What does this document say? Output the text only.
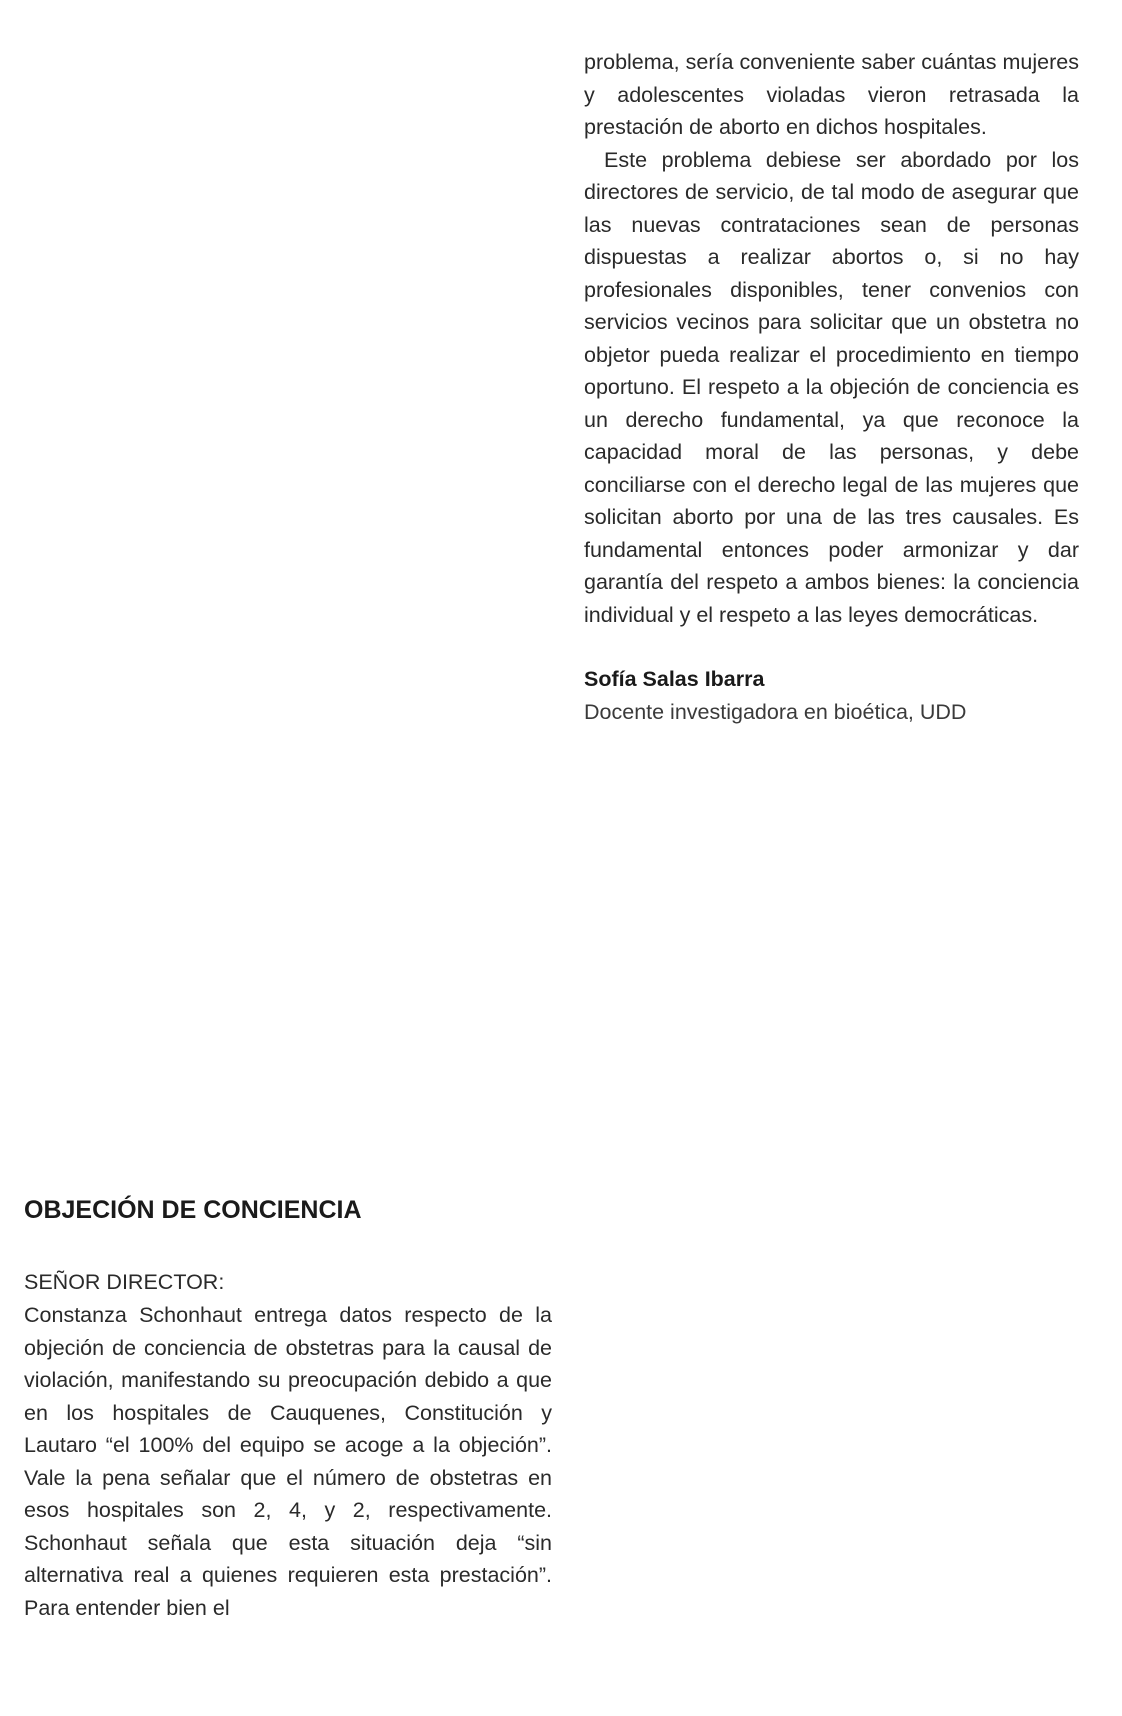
problema, sería conveniente saber cuántas mujeres y adolescentes violadas vieron retrasada la prestación de aborto en dichos hospitales.

Este problema debiese ser abordado por los directores de servicio, de tal modo de asegurar que las nuevas contrataciones sean de personas dispuestas a realizar abortos o, si no hay profesionales disponibles, tener convenios con servicios vecinos para solicitar que un obstetra no objetor pueda realizar el procedimiento en tiempo oportuno. El respeto a la objeción de conciencia es un derecho fundamental, ya que reconoce la capacidad moral de las personas, y debe conciliarse con el derecho legal de las mujeres que solicitan aborto por una de las tres causales. Es fundamental entonces poder armonizar y dar garantía del respeto a ambos bienes: la conciencia individual y el respeto a las leyes democráticas.

Sofía Salas Ibarra
Docente investigadora en bioética, UDD
OBJECIÓN DE CONCIENCIA
SEÑOR DIRECTOR:

Constanza Schonhaut entrega datos respecto de la objeción de conciencia de obstetras para la causal de violación, manifestando su preocupación debido a que en los hospitales de Cauquenes, Constitución y Lautaro “el 100% del equipo se acoge a la objeción”. Vale la pena señalar que el número de obstetras en esos hospitales son 2, 4, y 2, respectivamente. Schonhaut señala que esta situación deja “sin alternativa real a quienes requieren esta prestación”. Para entender bien el
